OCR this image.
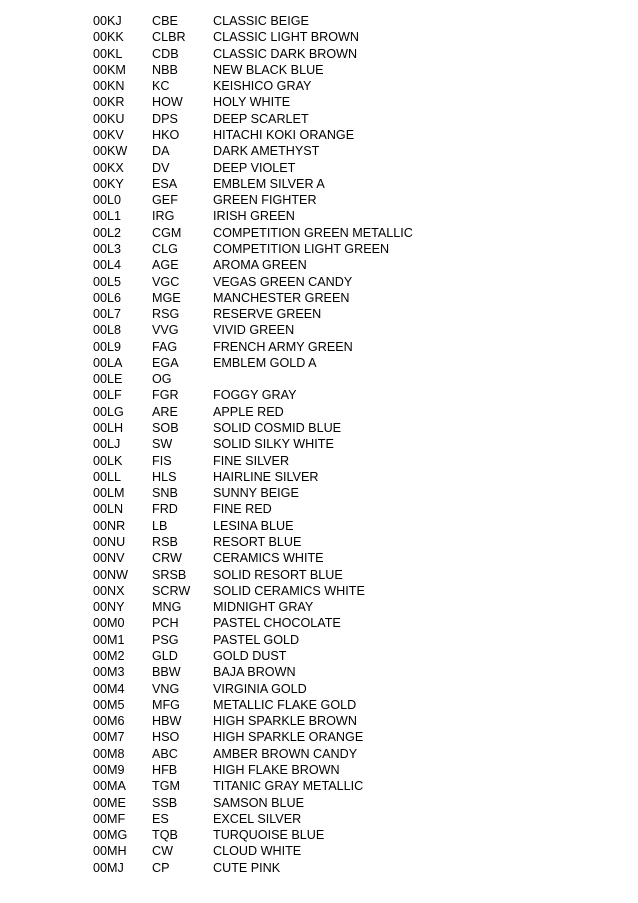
00KJ	CBE	CLASSIC BEIGE
00KK	CLBR	CLASSIC LIGHT BROWN
00KL	CDB	CLASSIC DARK BROWN
00KM	NBB	NEW BLACK BLUE
00KN	KC	KEISHICO GRAY
00KR	HOW	HOLY WHITE
00KU	DPS	DEEP SCARLET
00KV	HKO	HITACHI KOKI ORANGE
00KW	DA	DARK AMETHYST
00KX	DV	DEEP VIOLET
00KY	ESA	EMBLEM SILVER A
00L0	GEF	GREEN FIGHTER
00L1	IRG	IRISH GREEN
00L2	CGM	COMPETITION GREEN METALLIC
00L3	CLG	COMPETITION LIGHT GREEN
00L4	AGE	AROMA GREEN
00L5	VGC	VEGAS GREEN CANDY
00L6	MGE	MANCHESTER GREEN
00L7	RSG	RESERVE GREEN
00L8	VVG	VIVID GREEN
00L9	FAG	FRENCH ARMY GREEN
00LA	EGA	EMBLEM GOLD A
00LE	OG	
00LF	FGR	FOGGY GRAY
00LG	ARE	APPLE RED
00LH	SOB	SOLID COSMID BLUE
00LJ	SW	SOLID SILKY WHITE
00LK	FIS	FINE SILVER
00LL	HLS	HAIRLINE SILVER
00LM	SNB	SUNNY BEIGE
00LN	FRD	FINE RED
00NR	LB	LESINA BLUE
00NU	RSB	RESORT BLUE
00NV	CRW	CERAMICS WHITE
00NW	SRSB	SOLID RESORT BLUE
00NX	SCRW	SOLID CERAMICS WHITE
00NY	MNG	MIDNIGHT GRAY
00M0	PCH	PASTEL CHOCOLATE
00M1	PSG	PASTEL GOLD
00M2	GLD	GOLD DUST
00M3	BBW	BAJA BROWN
00M4	VNG	VIRGINIA GOLD
00M5	MFG	METALLIC FLAKE GOLD
00M6	HBW	HIGH SPARKLE BROWN
00M7	HSO	HIGH SPARKLE ORANGE
00M8	ABC	AMBER BROWN CANDY
00M9	HFB	HIGH FLAKE BROWN
00MA	TGM	TITANIC GRAY METALLIC
00ME	SSB	SAMSON BLUE
00MF	ES	EXCEL SILVER
00MG	TQB	TURQUOISE BLUE
00MH	CW	CLOUD WHITE
00MJ	CP	CUTE PINK
